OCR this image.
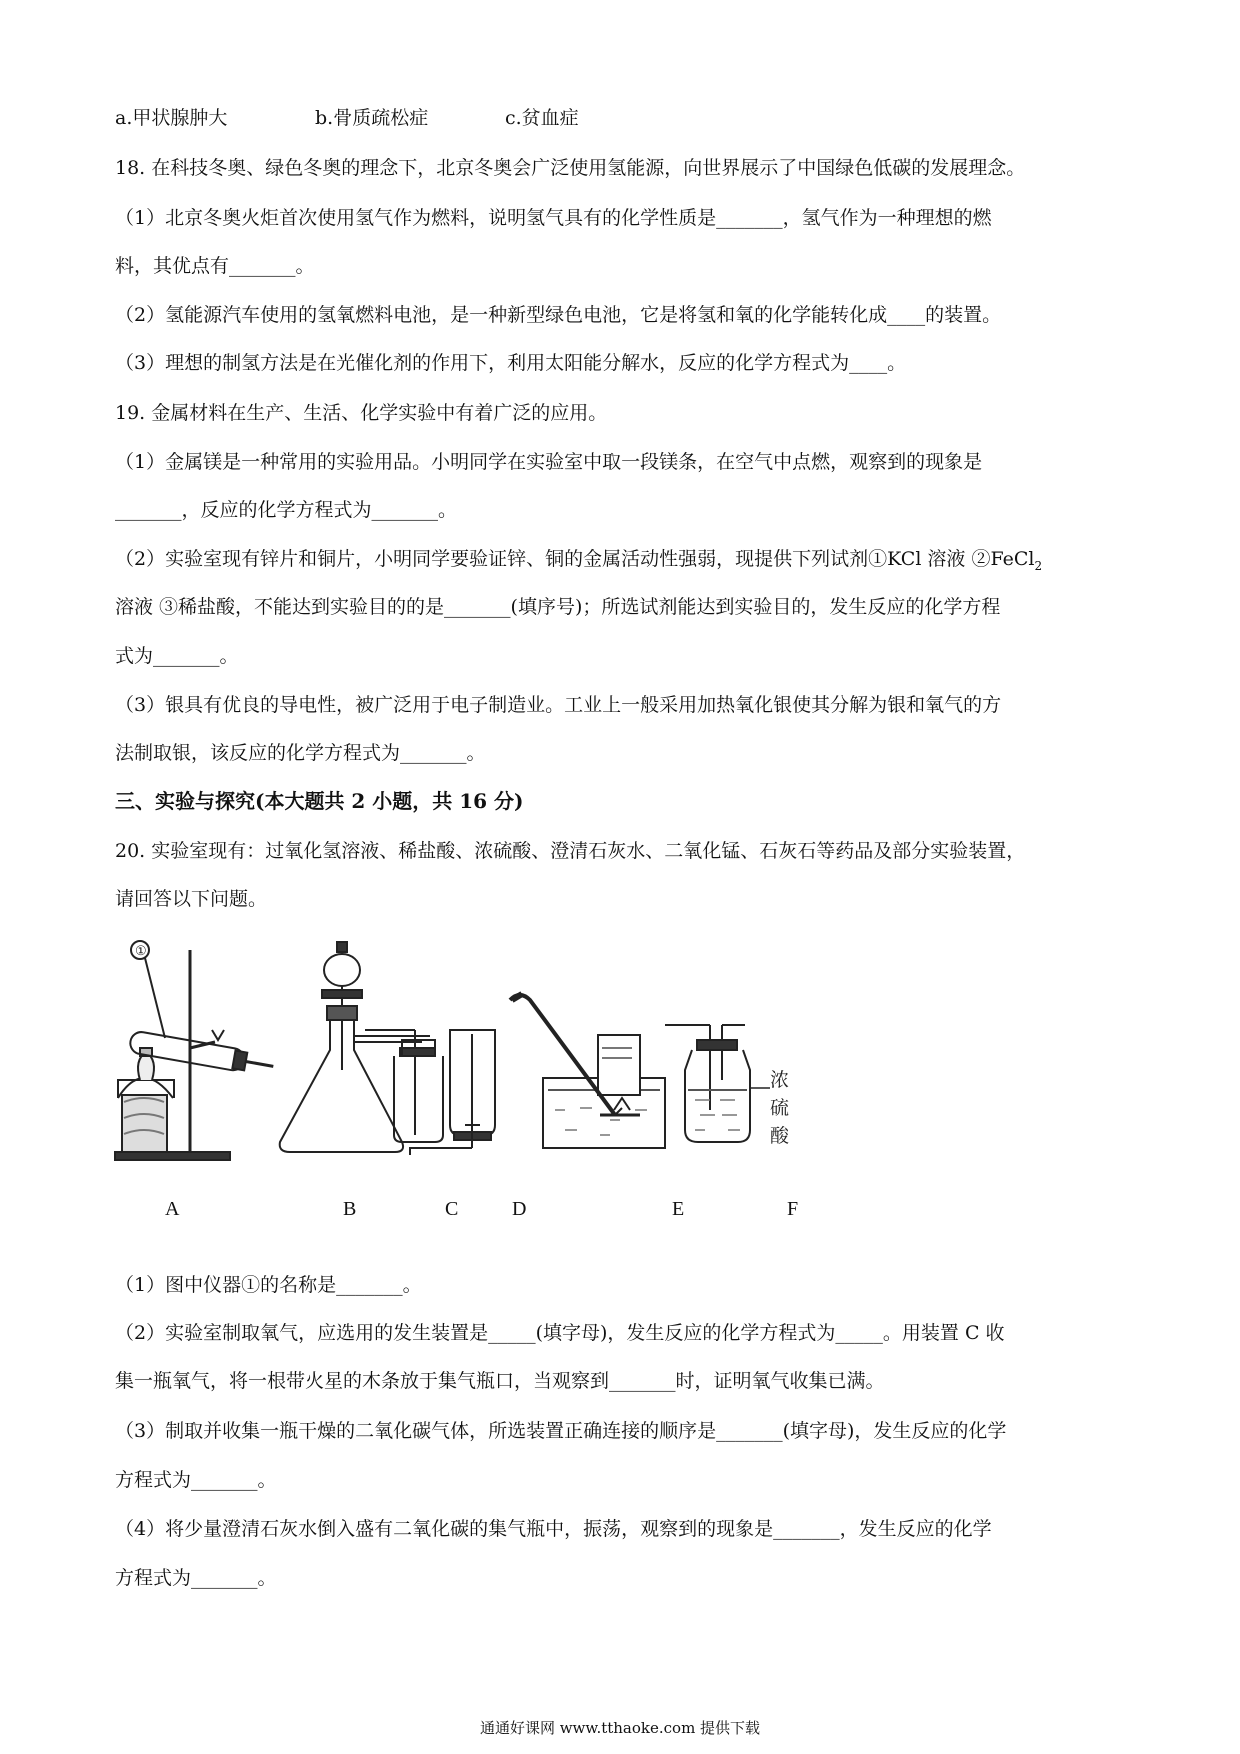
a.甲状腺肿大	b.骨质疏松症	c.贫血症
18. 在科技冬奥、绿色冬奥的理念下，北京冬奥会广泛使用氢能源，向世界展示了中国绿色低碳的发展理念。
（1）北京冬奥火炬首次使用氢气作为燃料，说明氢气具有的化学性质是_______，氢气作为一种理想的燃
料，其优点有_______。
（2）氢能源汽车使用的氢氧燃料电池，是一种新型绿色电池，它是将氢和氧的化学能转化成____的装置。
（3）理想的制氢方法是在光催化剂的作用下，利用太阳能分解水，反应的化学方程式为____。
19. 金属材料在生产、生活、化学实验中有着广泛的应用。
（1）金属镁是一种常用的实验用品。小明同学在实验室中取一段镁条，在空气中点燃，观察到的现象是
_______，反应的化学方程式为_______。
（2）实验室现有锌片和铜片，小明同学要验证锌、铜的金属活动性强弱，现提供下列试剂①KCl 溶液 ②FeCl$_2$
溶液 ③稀盐酸，不能达到实验目的的是_______(填序号)；所选试剂能达到实验目的，发生反应的化学方程
式为_______。
（3）银具有优良的导电性，被广泛用于电子制造业。工业上一般采用加热氧化银使其分解为银和氧气的方
法制取银，该反应的化学方程式为_______。
三、实验与探究(本大题共 2 小题，共 16 分)
20. 实验室现有：过氧化氢溶液、稀盐酸、浓硫酸、澄清石灰水、二氧化锰、石灰石等药品及部分实验装置，
请回答以下问题。
①
浓
硫
酸
A	B	C	D	E	F
（1）图中仪器①的名称是_______。
（2）实验室制取氧气，应选用的发生装置是_____(填字母)，发生反应的化学方程式为_____。用装置 C 收
集一瓶氧气，将一根带火星的木条放于集气瓶口，当观察到_______时，证明氧气收集已满。
（3）制取并收集一瓶干燥的二氧化碳气体，所选装置正确连接的顺序是_______(填字母)，发生反应的化学
方程式为_______。
（4）将少量澄清石灰水倒入盛有二氧化碳的集气瓶中，振荡，观察到的现象是_______，发生反应的化学
方程式为_______。
通通好课网 www.tthaoke.com 提供下载
